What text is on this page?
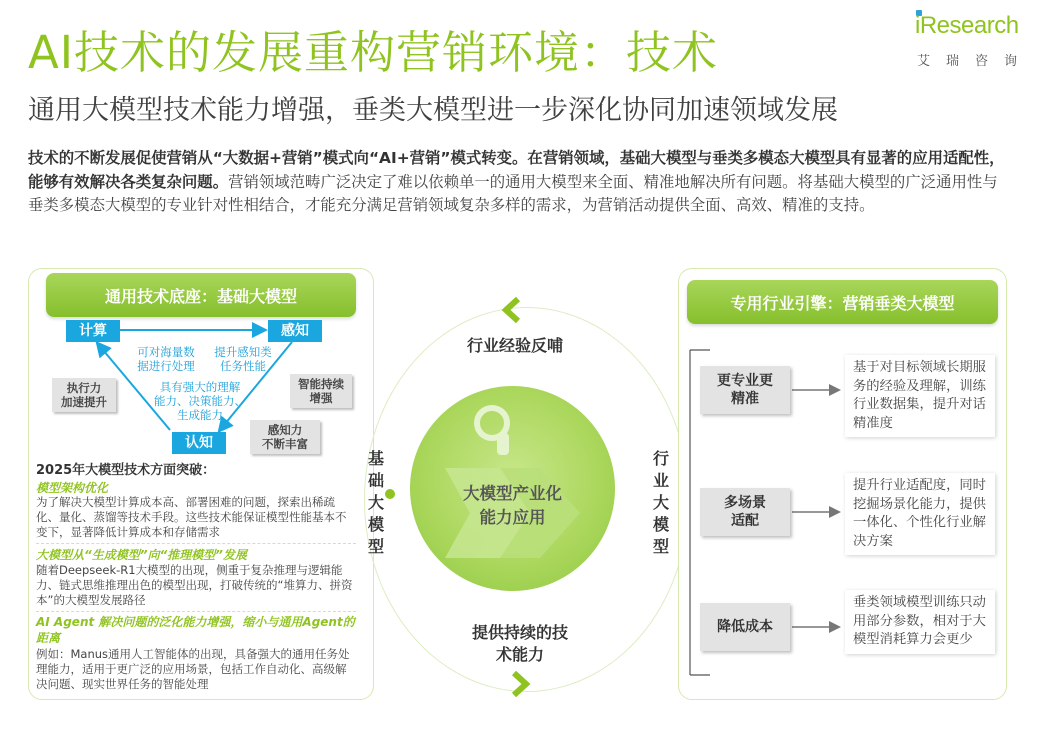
AI技术的发展重构营销环境：技术
通用大模型技术能力增强，垂类大模型进一步深化协同加速领域发展
iResearch
艾瑞咨询
技术的不断发展促使营销从“大数据+营销”模式向“AI+营销”模式转变。在营销领域，基础大模型与垂类多模态大模型具有显著的应用适配性，能够有效解决各类复杂问题。营销领域范畴广泛决定了难以依赖单一的通用大模型来全面、精准地解决所有问题。将基础大模型的广泛通用性与垂类多模态大模型的专业针对性相结合，才能充分满足营销领域复杂多样的需求，为营销活动提供全面、高效、精准的支持。
通用技术底座：基础大模型
计算	感知
认知
可对海量数
据进行处理
提升感知类
任务性能
具有强大的理解
能力、决策能力、
生成能力
执行力
加速提升
智能持续
增强
感知力
不断丰富
2025年大模型技术方面突破：
模型架构优化
为了解决大模型计算成本高、部署困难的问题，探索出稀疏化、量化、蒸馏等技术手段。这些技术能保证模型性能基本不变下，显著降低计算成本和存储需求
大模型从“生成模型”向“推理模型”发展
随着Deepseek-R1大模型的出现，侧重于复杂推理与逻辑能力、链式思维推理出色的模型出现，打破传统的“堆算力、拼资本”的大模型发展路径
AI Agent 解决问题的泛化能力增强，缩小与通用Agent的距离
例如：Manus通用人工智能体的出现，具备强大的通用任务处理能力，适用于更广泛的应用场景，包括工作自动化、高级解决问题、现实世界任务的智能处理
行业经验反哺
提供持续的技
术能力
基
础
大
模
型
行
业
大
模
型
大模型产业化
能力应用
专用行业引擎：营销垂类大模型
更专业更
精准
基于对目标领域长期服务的经验及理解，训练行业数据集，提升对话精准度
多场景
适配
提升行业适配度，同时挖掘场景化能力，提供一体化、个性化行业解决方案
降低成本
垂类领域模型训练只动用部分参数，相对于大模型消耗算力会更少
